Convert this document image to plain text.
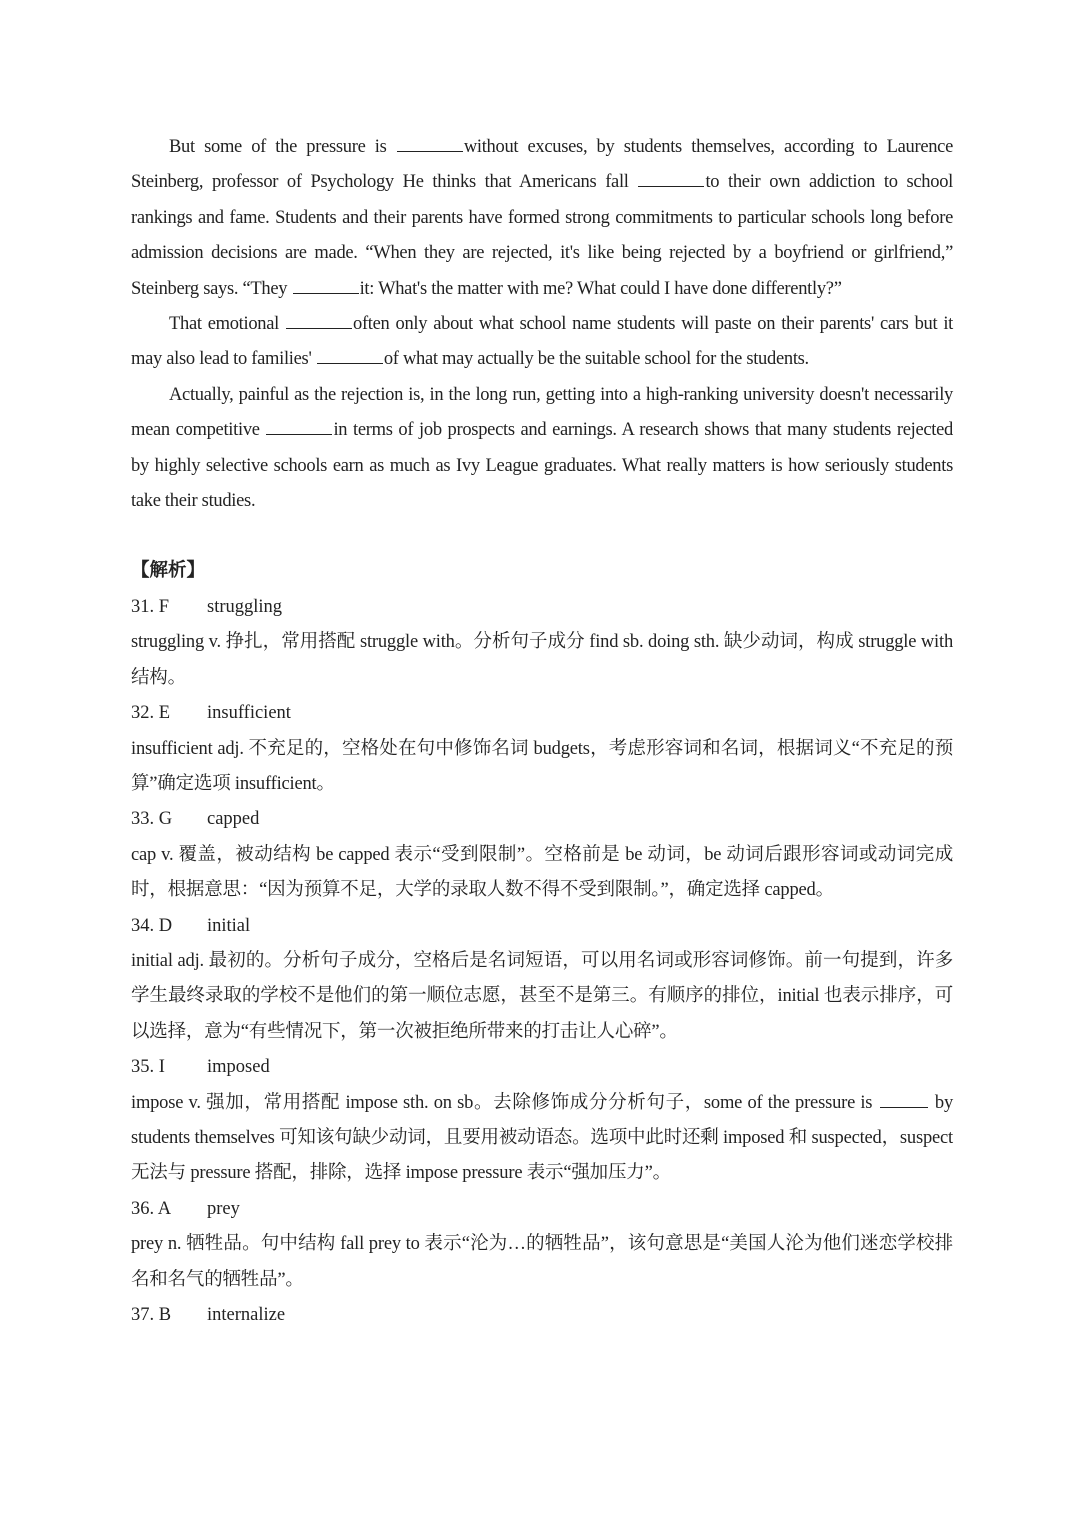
But some of the pressure is	without excuses, by students themselves, according to Laurence Steinberg, professor of Psychology He thinks that Americans fall	to their own addiction to school rankings and fame. Students and their parents have formed strong commitments to particular schools long before admission decisions are made. “When they are rejected, it's like being rejected by a boyfriend or girlfriend,” Steinberg says. “They	it: What's the matter with me? What could I have done differently?”

That emotional	often only about what school name students will paste on their parents' cars but it may also lead to families'	of what may actually be the suitable school for the students.

Actually, painful as the rejection is, in the long run, getting into a high-ranking university doesn't necessarily mean competitive	in terms of job prospects and earnings. A research shows that many students rejected by highly selective schools earn as much as Ivy League graduates. What really matters is how seriously students take their studies.

【解析】
31. F struggling
struggling v. 挣扎，常用搭配 struggle with。分析句子成分 find sb. doing sth. 缺少动词，构成 struggle with 结构。
32. E insufficient
insufficient adj. 不充足的，空格处在句中修饰名词 budgets，考虑形容词和名词，根据词义“不充足的预算”确定选项 insufficient。
33. G capped
cap v. 覆盖，被动结构 be capped 表示“受到限制”。空格前是 be 动词，be 动词后跟形容词或动词完成时，根据意思：“因为预算不足，大学的录取人数不得不受到限制。”，确定选择 capped。
34. D initial
initial adj. 最初的。分析句子成分，空格后是名词短语，可以用名词或形容词修饰。前一句提到，许多学生最终录取的学校不是他们的第一顺位志愿，甚至不是第三。有顺序的排位，initial 也表示排序，可以选择，意为“有些情况下，第一次被拒绝所带来的打击让人心碎”。
35. I imposed
impose v. 强加，常用搭配 impose sth. on sb。去除修饰成分分析句子，some of the pressure is	by students themselves 可知该句缺少动词，且要用被动语态。选项中此时还剩 imposed 和 suspected，suspect 无法与 pressure 搭配，排除，选择 impose pressure 表示“强加压力”。
36. A prey
prey n. 牺牲品。句中结构 fall prey to 表示“沦为…的牺牲品”，该句意思是“美国人沦为他们迷恋学校排名和名气的牺牲品”。
37. B internalize
